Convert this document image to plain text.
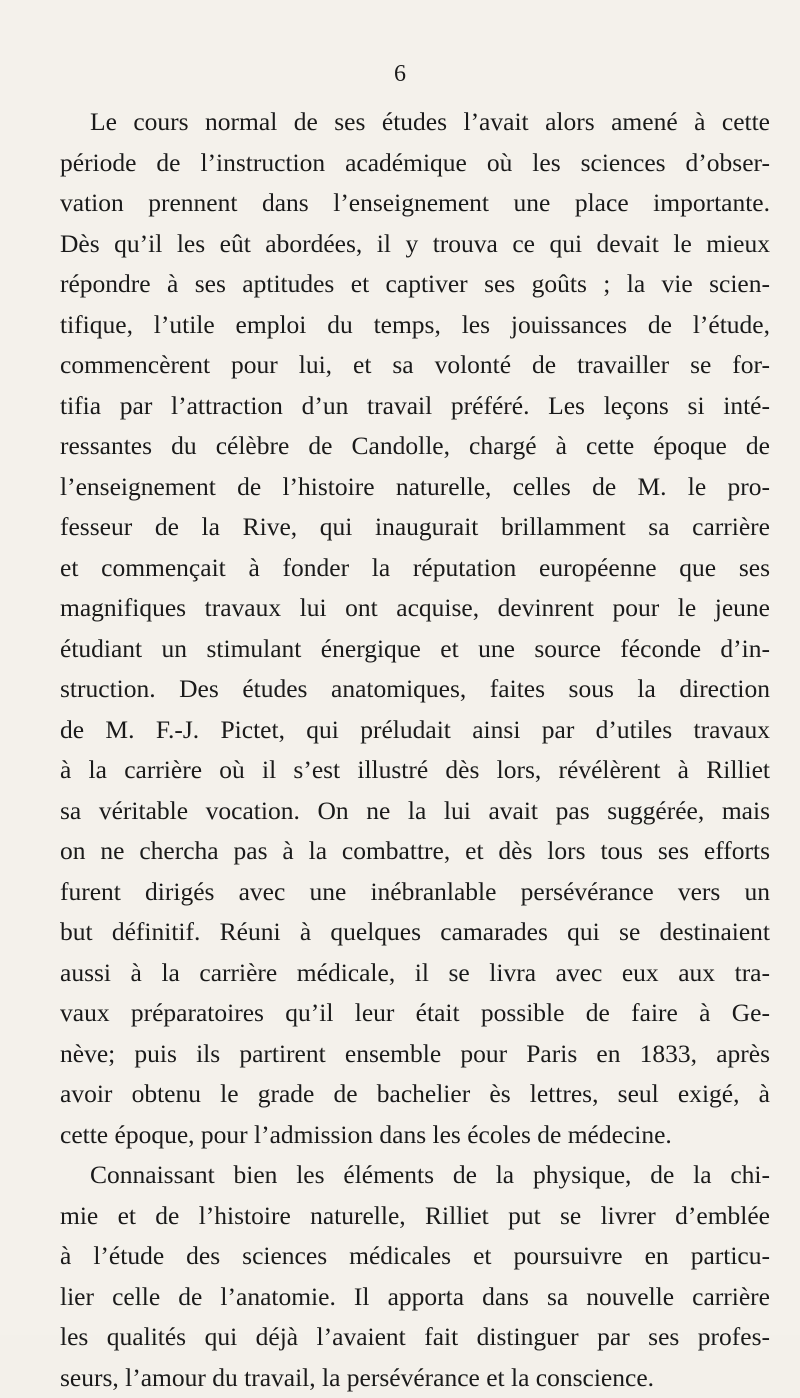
6
Le cours normal de ses études l’avait alors amené à cette
période de l’instruction académique où les sciences d’obser-
vation prennent dans l’enseignement une place importante.
Dès qu’il les eût abordées, il y trouva ce qui devait le mieux
répondre à ses aptitudes et captiver ses goûts ; la vie scien-
tifique, l’utile emploi du temps, les jouissances de l’étude,
commencèrent pour lui, et sa volonté de travailler se for-
tifia par l’attraction d’un travail préféré. Les leçons si inté-
ressantes du célèbre de Candolle, chargé à cette époque de
l’enseignement de l’histoire naturelle, celles de M. le pro-
fesseur de la Rive, qui inaugurait brillamment sa carrière
et commençait à fonder la réputation européenne que ses
magnifiques travaux lui ont acquise, devinrent pour le jeune
étudiant un stimulant énergique et une source féconde d’in-
struction. Des études anatomiques, faites sous la direction
de M. F.-J. Pictet, qui préludait ainsi par d’utiles travaux
à la carrière où il s’est illustré dès lors, révélèrent à Rilliet
sa véritable vocation. On ne la lui avait pas suggérée, mais
on ne chercha pas à la combattre, et dès lors tous ses efforts
furent dirigés avec une inébranlable persévérance vers un
but définitif. Réuni à quelques camarades qui se destinaient
aussi à la carrière médicale, il se livra avec eux aux tra-
vaux préparatoires qu’il leur était possible de faire à Ge-
nève; puis ils partirent ensemble pour Paris en 1833, après
avoir obtenu le grade de bachelier ès lettres, seul exigé, à
cette époque, pour l’admission dans les écoles de médecine.
Connaissant bien les éléments de la physique, de la chi-
mie et de l’histoire naturelle, Rilliet put se livrer d’emblée
à l’étude des sciences médicales et poursuivre en particu-
lier celle de l’anatomie. Il apporta dans sa nouvelle carrière
les qualités qui déjà l’avaient fait distinguer par ses profes-
seurs, l’amour du travail, la persévérance et la conscience.
